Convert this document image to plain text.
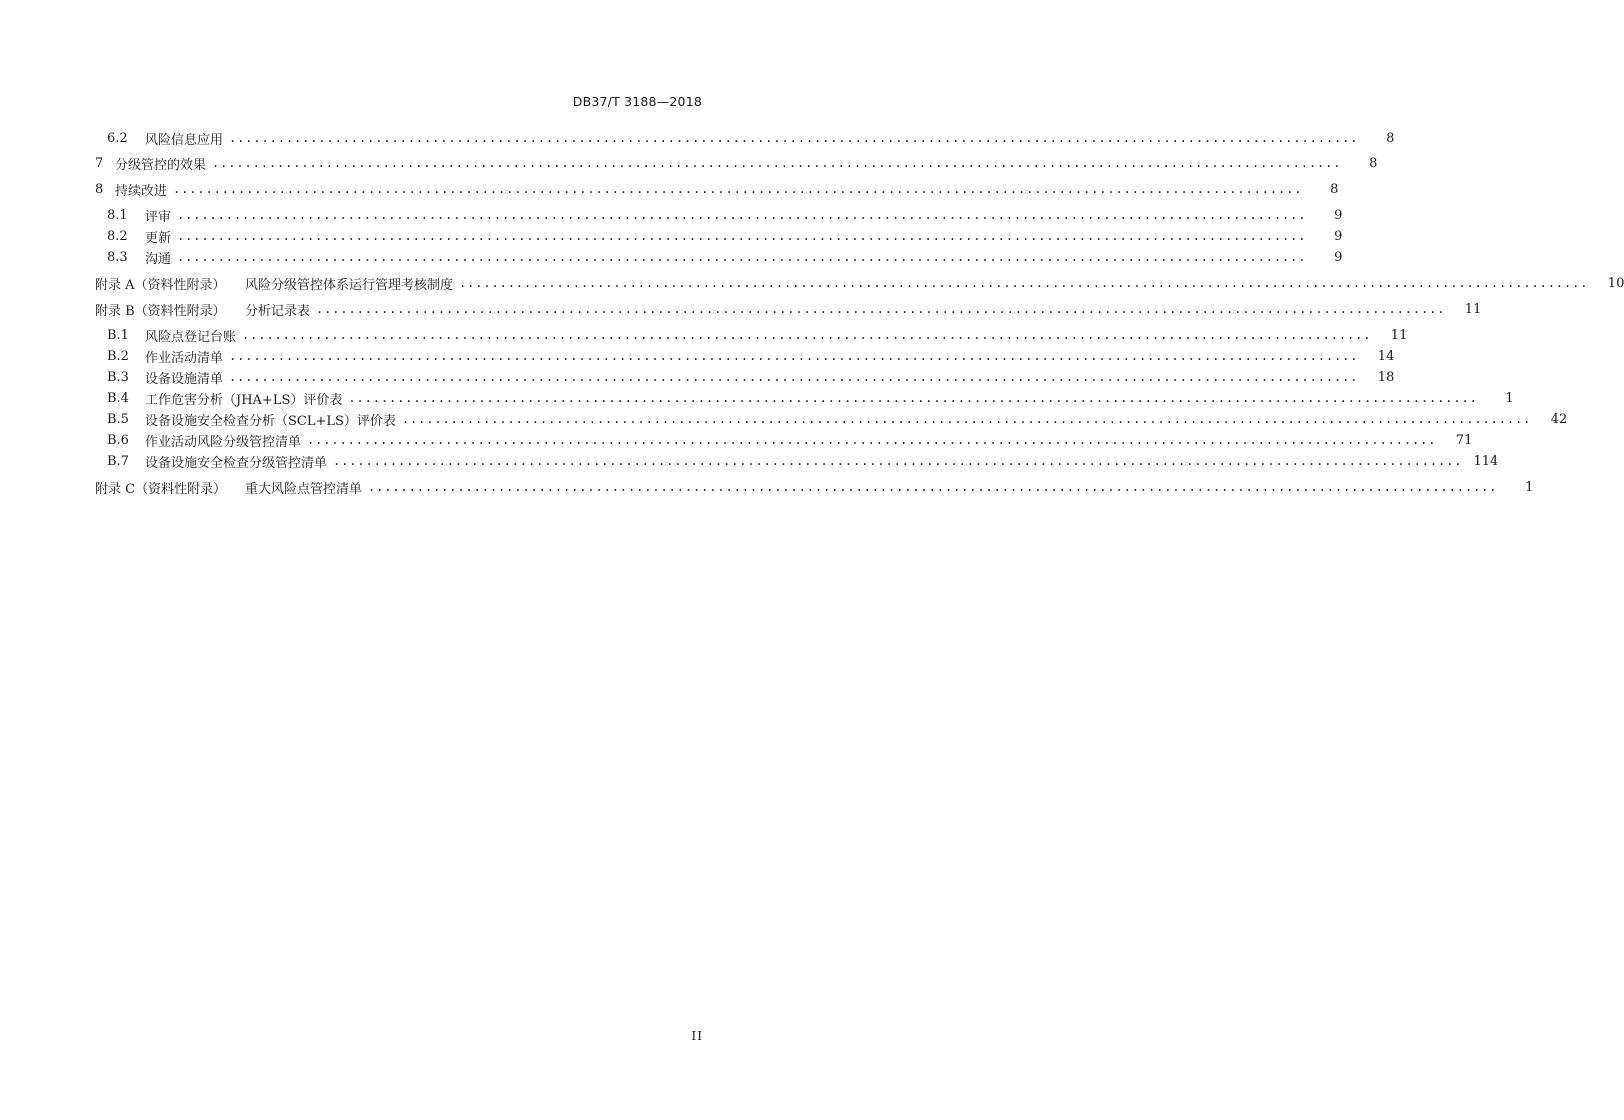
DB37/T 3188—2018
6.2	风险信息应用 .....	8
7 分级管控的效果 .....	8
8 持续改进 .....	8
8.1	评审 .....	9
8.2	更新 .....	9
8.3	沟通 .....	9
附录 A（资料性附录）	风险分级管控体系运行管理考核制度 .....	10
附录 B（资料性附录）	分析记录表 .....	11
B.1	风险点登记台账 .....	11
B.2	作业活动清单 .....	14
B.3	设备设施清单 .....	18
B.4	工作危害分析（JHA+LS）评价表 .....	1
B.5	设备设施安全检查分析（SCL+LS）评价表 .....	42
B.6	作业活动风险分级管控清单 .....	71
B.7	设备设施安全检查分级管控清单 .....	114
附录 C（资料性附录）	重大风险点管控清单 .....	1
II
